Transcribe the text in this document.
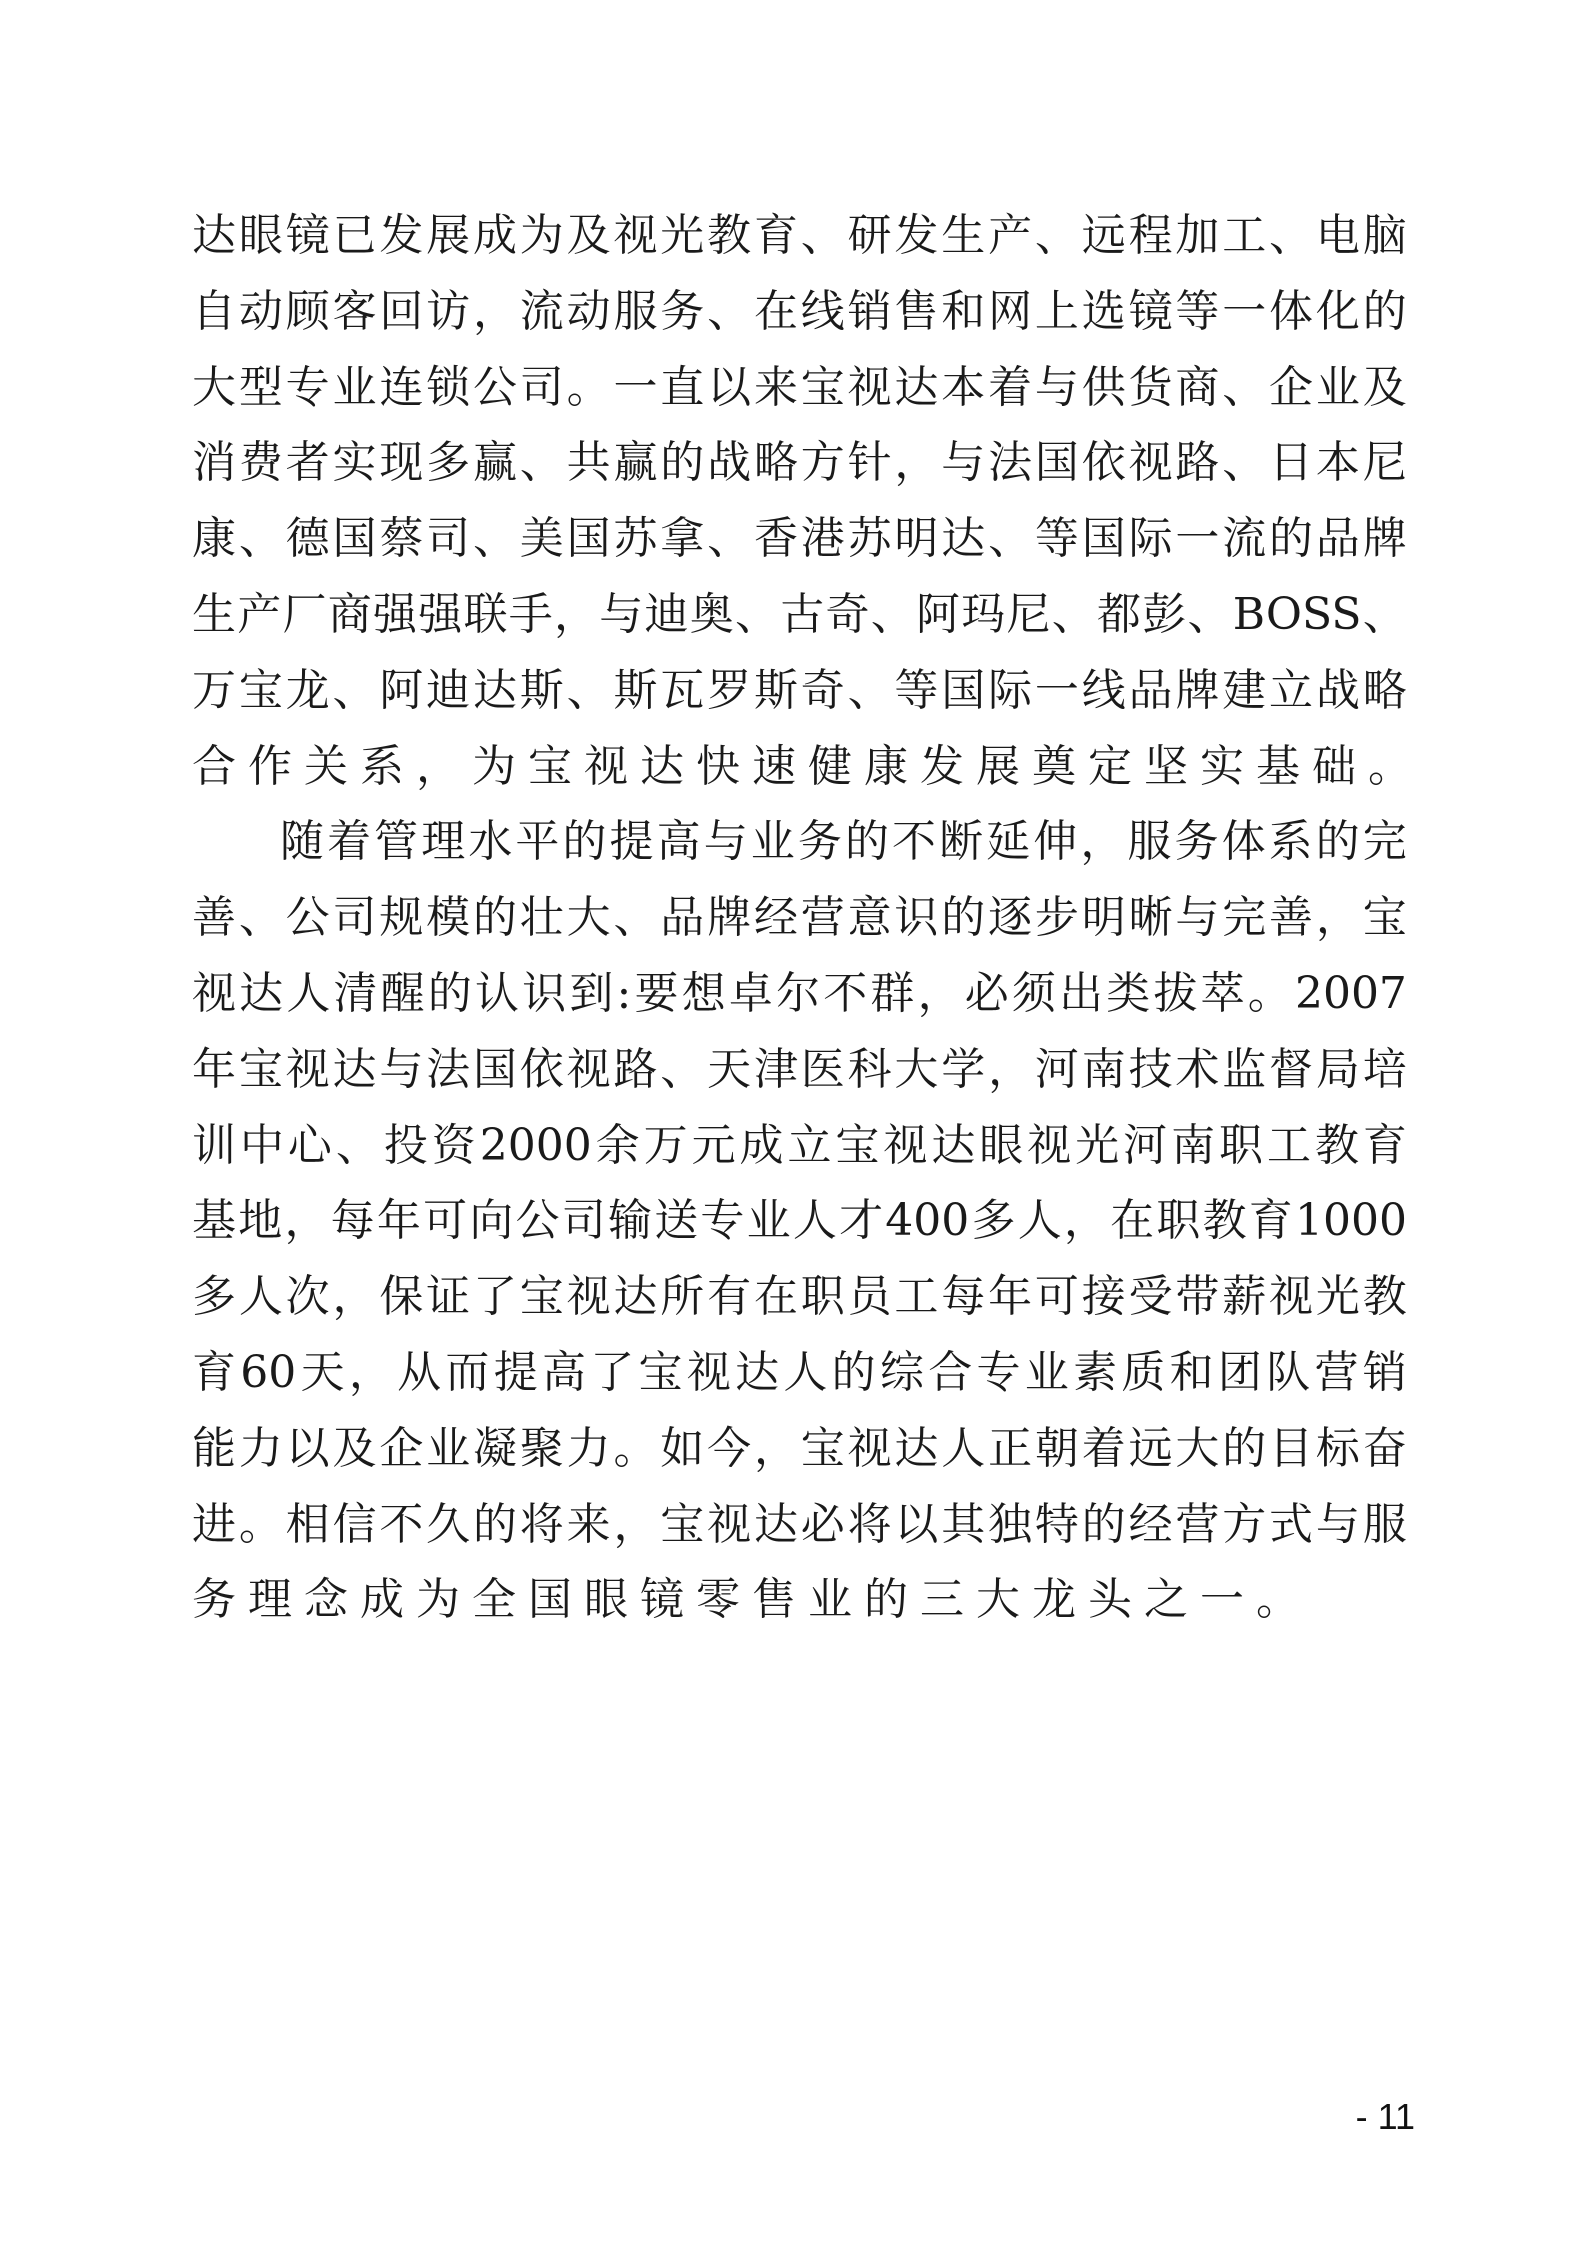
达 眼 镜 已 发 展 成 为 及 视 光 教 育 、 研 发 生 产 、 远 程 加 工 、 电 脑
自 动 顾 客 回 访 ， 流 动 服 务 、 在 线 销 售 和 网 上 选 镜 等 一 体 化 的
大 型 专 业 连 锁 公 司 。 一 直 以 来 宝 视 达 本 着 与 供 货 商 、 企 业 及
消 费 者 实 现 多 赢 、 共 赢 的 战 略 方 针 ， 与 法 国 依 视 路 、 日 本 尼
康 、 德 国 蔡 司 、 美 国 苏 拿 、 香 港 苏 明 达 、 等 国 际 一 流 的 品 牌
生 产 厂 商 强 强 联 手 ， 与 迪 奥 、 古 奇 、 阿 玛 尼 、 都 彭 、 BOSS 、
万 宝 龙 、 阿 迪 达 斯 、 斯 瓦 罗 斯 奇 、 等 国 际 一 线 品 牌 建 立 战 略
合作关系，为宝视达快速健康发展奠定坚实基础。
随 着 管 理 水 平 的 提 高 与 业 务 的 不 断 延 伸 ， 服 务 体 系 的 完
善 、 公 司 规 模 的 壮 大 、 品 牌 经 营 意 识 的 逐 步 明 晰 与 完 善 ， 宝
视 达 人 清 醒 的 认 识 到 : 要 想 卓 尔 不 群 ， 必 须 出 类 拔 萃 。 2007
年 宝 视 达 与 法 国 依 视 路 、 天 津 医 科 大 学 ， 河 南 技 术 监 督 局 培
训 中 心 、 投 资 2000 余 万 元 成 立 宝 视 达 眼 视 光 河 南 职 工 教 育
基 地 ， 每 年 可 向 公 司 输 送 专 业 人 才 400 多 人 ， 在 职 教 育 1000
多 人 次 ， 保 证 了 宝 视 达 所 有 在 职 员 工 每 年 可 接 受 带 薪 视 光 教
育 60 天 ， 从 而 提 高 了 宝 视 达 人 的 综 合 专 业 素 质 和 团 队 营 销
能 力 以 及 企 业 凝 聚 力 。 如 今 ， 宝 视 达 人 正 朝 着 远 大 的 目 标 奋
进 。 相 信 不 久 的 将 来 ， 宝 视 达 必 将 以 其 独 特 的 经 营 方 式 与 服
务理念成为全国眼镜零售业的三大龙头之一。
- 11
